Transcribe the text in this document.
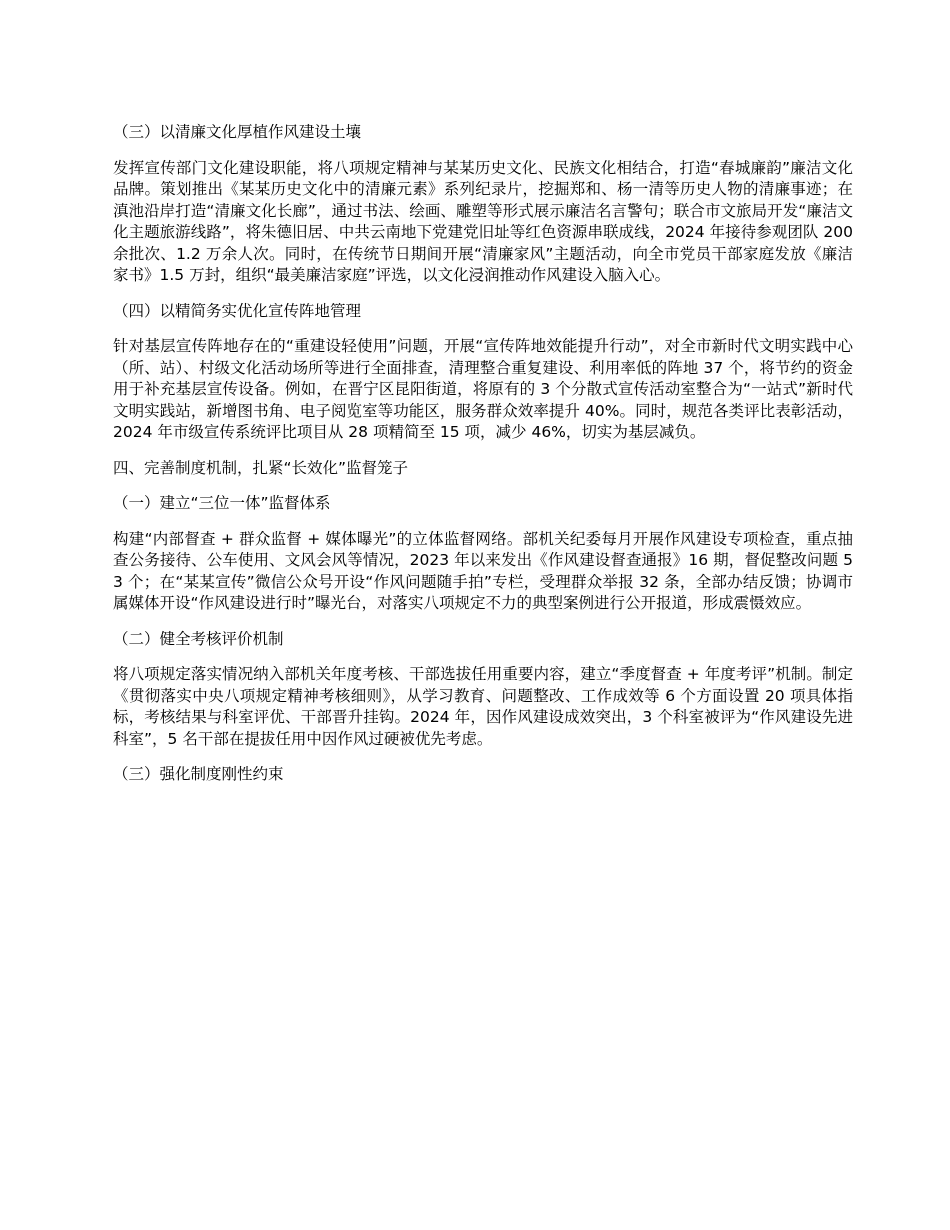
（三）以清廉文化厚植作风建设土壤
发挥宣传部门文化建设职能，将八项规定精神与某某历史文化、民族文化相结合，打造“春城廉韵”廉洁文化品牌。策划推出《某某历史文化中的清廉元素》系列纪录片，挖掘郑和、杨一清等历史人物的清廉事迹；在滇池沿岸打造“清廉文化长廊”，通过书法、绘画、雕塑等形式展示廉洁名言警句；联合市文旅局开发“廉洁文化主题旅游线路”，将朱德旧居、中共云南地下党建党旧址等红色资源串联成线，2024 年接待参观团队 200 余批次、1.2 万余人次。同时，在传统节日期间开展“清廉家风”主题活动，向全市党员干部家庭发放《廉洁家书》1.5 万封，组织“最美廉洁家庭”评选，以文化浸润推动作风建设入脑入心。
（四）以精简务实优化宣传阵地管理
针对基层宣传阵地存在的“重建设轻使用”问题，开展“宣传阵地效能提升行动”，对全市新时代文明实践中心（所、站）、村级文化活动场所等进行全面排查，清理整合重复建设、利用率低的阵地 37 个，将节约的资金用于补充基层宣传设备。例如，在晋宁区昆阳街道，将原有的 3 个分散式宣传活动室整合为“一站式”新时代文明实践站，新增图书角、电子阅览室等功能区，服务群众效率提升 40%。同时，规范各类评比表彰活动，2024 年市级宣传系统评比项目从 28 项精简至 15 项，减少 46%，切实为基层减负。
四、完善制度机制，扎紧“长效化”监督笼子
（一）建立“三位一体”监督体系
构建“内部督查 + 群众监督 + 媒体曝光”的立体监督网络。部机关纪委每月开展作风建设专项检查，重点抽查公务接待、公车使用、文风会风等情况，2023 年以来发出《作风建设督查通报》16 期，督促整改问题 53 个；在“某某宣传”微信公众号开设“作风问题随手拍”专栏，受理群众举报 32 条，全部办结反馈；协调市属媒体开设“作风建设进行时”曝光台，对落实八项规定不力的典型案例进行公开报道，形成震慑效应。
（二）健全考核评价机制
将八项规定落实情况纳入部机关年度考核、干部选拔任用重要内容，建立“季度督查 + 年度考评”机制。制定《贯彻落实中央八项规定精神考核细则》，从学习教育、问题整改、工作成效等 6 个方面设置 20 项具体指标，考核结果与科室评优、干部晋升挂钩。2024 年，因作风建设成效突出，3 个科室被评为“作风建设先进科室”，5 名干部在提拔任用中因作风过硬被优先考虑。
（三）强化制度刚性约束
